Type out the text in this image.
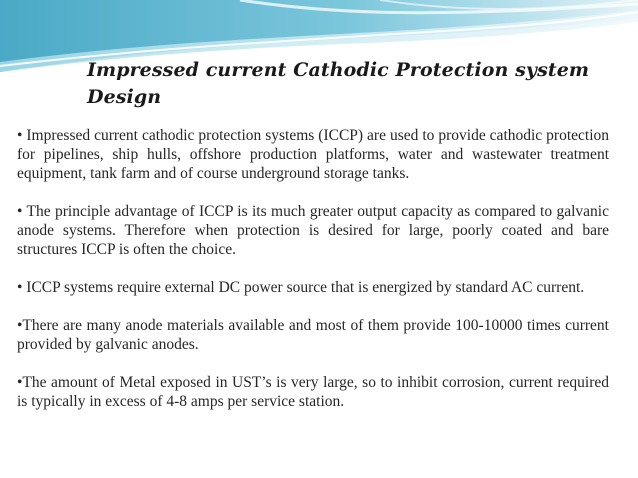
Impressed current Cathodic Protection system Design

• Impressed current cathodic protection systems (ICCP) are used to provide cathodic protection for pipelines, ship hulls, offshore production platforms, water and wastewater treatment equipment, tank farm and of course underground storage tanks.

• The principle advantage of ICCP is its much greater output capacity as compared to galvanic anode systems. Therefore when protection is desired for large, poorly coated and bare structures ICCP is often the choice.

• ICCP systems require external DC power source that is energized by standard AC current.

•There are many anode materials available and most of them provide 100-10000 times current provided by galvanic anodes.

•The amount of Metal exposed in UST’s is very large, so to inhibit corrosion, current required is typically in excess of 4-8 amps per service station.
